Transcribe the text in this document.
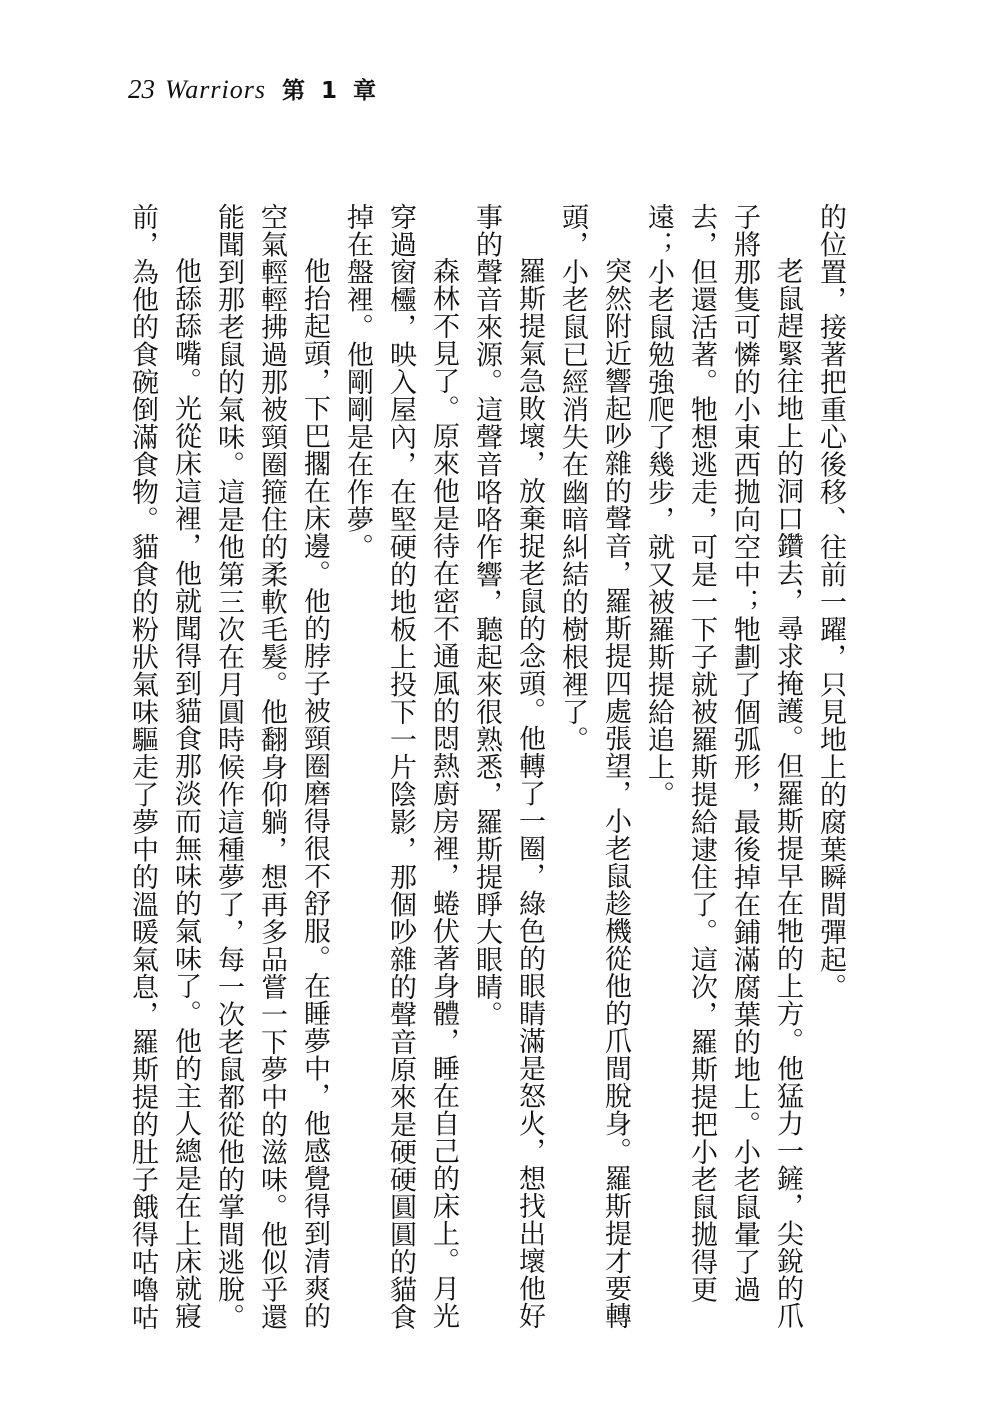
23 Warriors 第 1 章

的位置，接著把重心後移、往前一躍，只見地上的腐葉瞬間彈起。

老鼠趕緊往地上的洞口鑽去，尋求掩護。但羅斯提早在牠的上方。他猛力一鏟，尖銳的爪子將那隻可憐的小東西拋向空中；牠劃了個弧形，最後掉在鋪滿腐葉的地上。小老鼠暈了過去，但還活著。牠想逃走，可是一下子就被羅斯提給逮住了。這次，羅斯提把小老鼠拋得更遠；小老鼠勉強爬了幾步，就又被羅斯提給追上。

突然附近響起吵雜的聲音，羅斯提四處張望，小老鼠趁機從他的爪間脫身。羅斯提才要轉頭，小老鼠已經消失在幽暗糾結的樹根裡了。

羅斯提氣急敗壞，放棄捉老鼠的念頭。他轉了一圈，綠色的眼睛滿是怒火，想找出壞他好事的聲音來源。這聲音咯咯作響，聽起來很熟悉，羅斯提睜大眼睛。

森林不見了。原來他是待在密不通風的悶熱廚房裡，蜷伏著身體，睡在自己的床上。月光穿過窗欞，映入屋內，在堅硬的地板上投下一片陰影，那個吵雜的聲音原來是硬硬圓圓的貓食掉在盤裡。他剛剛是在作夢。

他抬起頭，下巴擱在床邊。他的脖子被頸圈磨得很不舒服。在睡夢中，他感覺得到清爽的空氣輕輕拂過那被頸圈箍住的柔軟毛髮。他翻身仰躺，想再多品嘗一下夢中的滋味。他似乎還能聞到那老鼠的氣味。這是他第三次在月圓時候作這種夢了，每一次老鼠都從他的掌間逃脫。

他舔舔嘴。光從床這裡，他就聞得到貓食那淡而無味的氣味了。他的主人總是在上床就寢前，為他的食碗倒滿食物。貓食的粉狀氣味驅走了夢中的溫暖氣息，羅斯提的肚子餓得咕嚕咕
